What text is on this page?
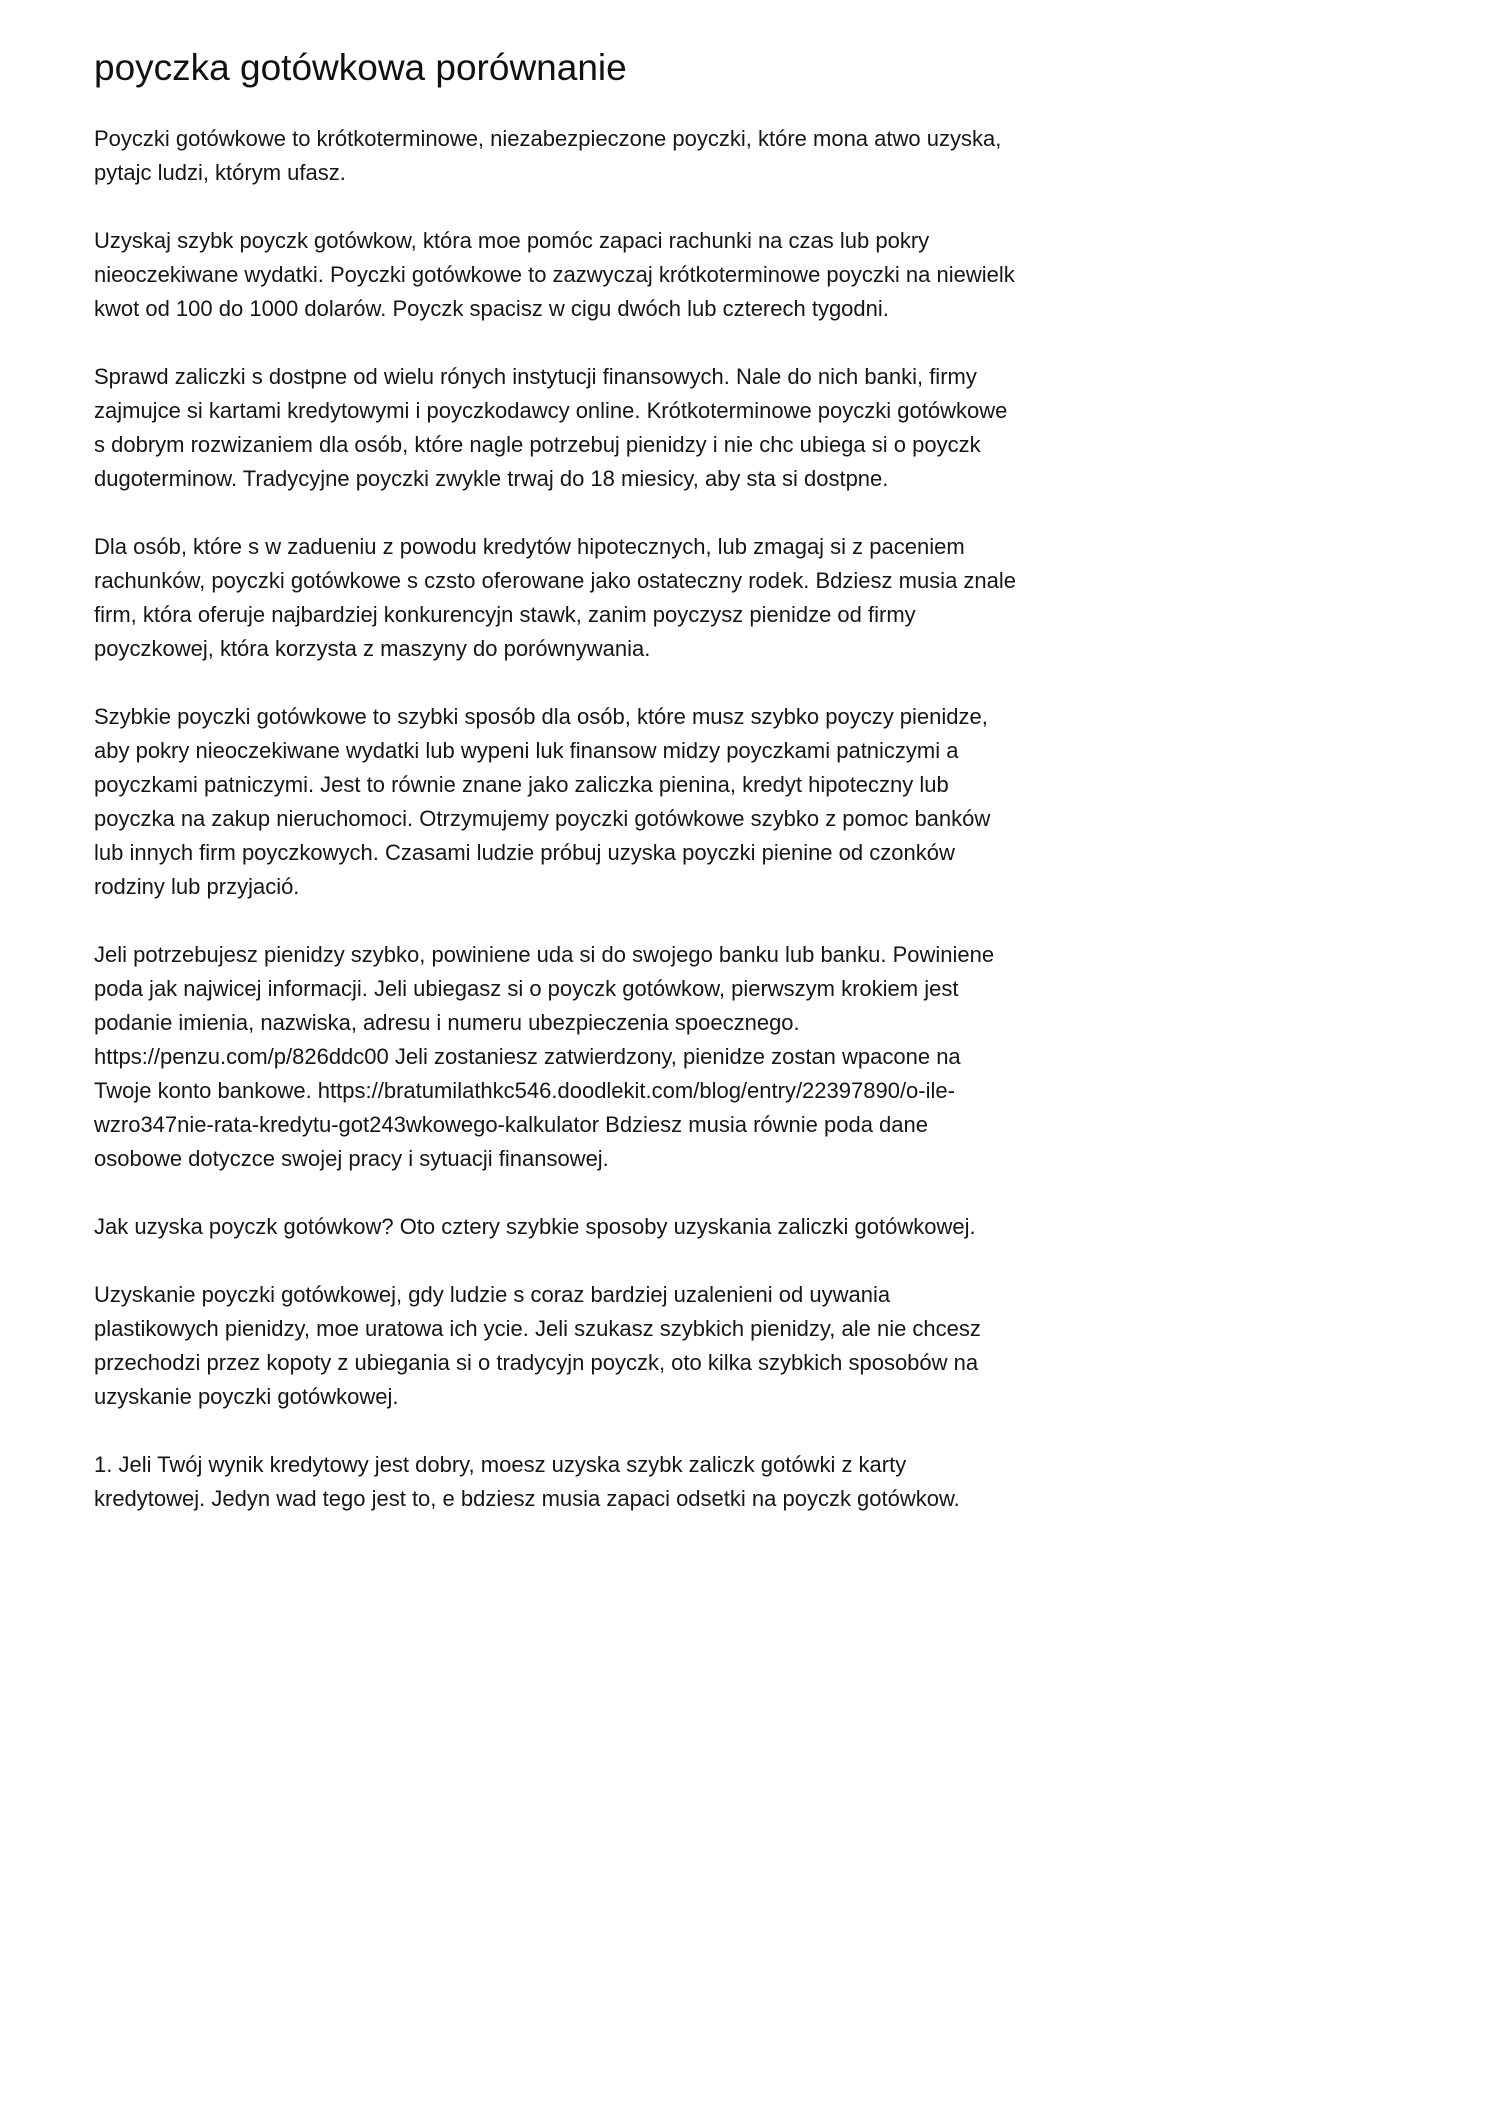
poyczka gotówkowa porównanie

Poyczki gotówkowe to krótkoterminowe, niezabezpieczone poyczki, które mona atwo uzyska, pytajc ludzi, którym ufasz.

Uzyskaj szybk poyczk gotówkow, która moe pomóc zapaci rachunki na czas lub pokry nieoczekiwane wydatki. Poyczki gotówkowe to zazwyczaj krótkoterminowe poyczki na niewielk kwot od 100 do 1000 dolarów. Poyczk spacisz w cigu dwóch lub czterech tygodni.

Sprawd zaliczki s dostpne od wielu rónych instytucji finansowych. Nale do nich banki, firmy zajmujce si kartami kredytowymi i poyczkodawcy online. Krótkoterminowe poyczki gotówkowe s dobrym rozwizaniem dla osób, które nagle potrzebuj pienidzy i nie chc ubiega si o poyczk dugoterminow. Tradycyjne poyczki zwykle trwaj do 18 miesicy, aby sta si dostpne.

Dla osób, które s w zadueniu z powodu kredytów hipotecznych, lub zmagaj si z paceniem rachunków, poyczki gotówkowe s czsto oferowane jako ostateczny rodek. Bdziesz musia znale firm, która oferuje najbardziej konkurencyjn stawk, zanim poyczysz pienidze od firmy poyczkowej, która korzysta z maszyny do porównywania.

Szybkie poyczki gotówkowe to szybki sposób dla osób, które musz szybko poyczy pienidze, aby pokry nieoczekiwane wydatki lub wypeni luk finansow midzy poyczkami patniczymi a poyczkami patniczymi. Jest to równie znane jako zaliczka pienina, kredyt hipoteczny lub poyczka na zakup nieruchomoci. Otrzymujemy poyczki gotówkowe szybko z pomoc banków lub innych firm poyczkowych. Czasami ludzie próbuj uzyska poyczki pienine od czonków rodziny lub przyjació.

Jeli potrzebujesz pienidzy szybko, powiniene uda si do swojego banku lub banku. Powiniene poda jak najwicej informacji. Jeli ubiegasz si o poyczk gotówkow, pierwszym krokiem jest podanie imienia, nazwiska, adresu i numeru ubezpieczenia spoecznego. https://penzu.com/p/826ddc00 Jeli zostaniesz zatwierdzony, pienidze zostan wpacone na Twoje konto bankowe. https://bratumilathkc546.doodlekit.com/blog/entry/22397890/o-ile-wzro347nie-rata-kredytu-got243wkowego-kalkulator Bdziesz musia równie poda dane osobowe dotyczce swojej pracy i sytuacji finansowej.

Jak uzyska poyczk gotówkow? Oto cztery szybkie sposoby uzyskania zaliczki gotówkowej.

Uzyskanie poyczki gotówkowej, gdy ludzie s coraz bardziej uzalenieni od uywania plastikowych pienidzy, moe uratowa ich ycie. Jeli szukasz szybkich pienidzy, ale nie chcesz przechodzi przez kopoty z ubiegania si o tradycyjn poyczk, oto kilka szybkich sposobów na uzyskanie poyczki gotówkowej.

1. Jeli Twój wynik kredytowy jest dobry, moesz uzyska szybk zaliczk gotówki z karty kredytowej. Jedyn wad tego jest to, e bdziesz musia zapaci odsetki na poyczk gotówkow.
